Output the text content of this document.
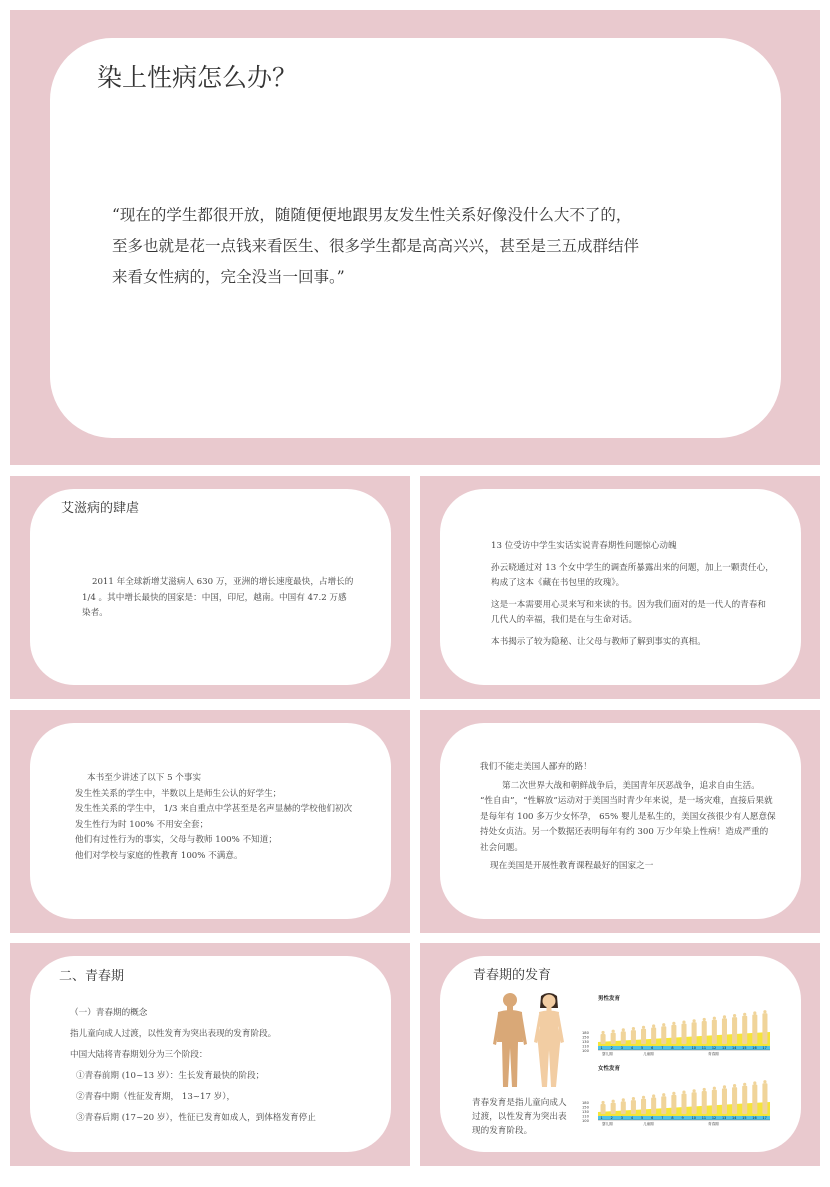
染上性病怎么办？
“现在的学生都很开放，随随便便地跟男友发生性关系好像没什么大不了的，
至多也就是花一点钱来看医生、很多学生都是高高兴兴，甚至是三五成群结伴
来看女性病的，完全没当一回事。”
艾滋病的肆虐
2011 年全球新增艾滋病人 630 万，亚洲的增长速度最快，占增长的
1/4 。其中增长最快的国家是：中国，印尼，越南。中国有 47.2 万感
染者。
13 位受访中学生实话实说青春期性问题惊心动魄
孙云晓通过对 13 个女中学生的调查所暴露出来的问题，加上一颗责任心，
构成了这本《藏在书包里的玫瑰》。
这是一本需要用心灵来写和来读的书。因为我们面对的是一代人的青春和
几代人的幸福，我们是在与生命对话。
本书揭示了较为隐秘、让父母与教师了解到事实的真相。
本书至少讲述了以下 5 个事实
发生性关系的学生中，半数以上是师生公认的好学生；
发生性关系的学生中， 1/3 来自重点中学甚至是名声显赫的学校他们初次
发生性行为时 100% 不用安全套；
他们有过性行为的事实，父母与教师 100% 不知道；
他们对学校与家庭的性教育 100% 不满意。
我们不能走美国人鄙弃的路！
第二次世界大战和朝鲜战争后，美国青年厌恶战争，追求自由生活。
“性自由”，“性解放”运动对于美国当时青少年来说，是一场灾难，直接后果就
是每年有 100 多万少女怀孕， 65% 婴儿是私生的，美国女孩很少有人愿意保
持处女贞洁。另一个数据还表明每年有约 300 万少年染上性病！造成严重的
社会问题。
现在美国是开展性教育课程最好的国家之一
二、青春期
（一）青春期的概念
指儿童向成人过渡，以性发育为突出表现的发育阶段。
中国大陆将青春期划分为三个阶段：
①青春前期 (10~13 岁）：生长发育最快的阶段；
②青春中期（性征发育期， 13~17 岁），
③青春后期 (17~20 岁），性征已发育如成人，到体格发育停止
青春期的发育
青春发育是指儿童向成人
过渡，以性发育为突出表
现的发育阶段。
男性发育
180
150
130
110
100
1 2 3 4 5 6 7 8 9 10 11 12 13 14 15 16 17
婴儿期	儿童期	青春期
女性发育
180
150
130
110
100
1 2 3 4 5 6 7 8 9 10 11 12 13 14 15 16 17
婴儿期	儿童期	青春期
